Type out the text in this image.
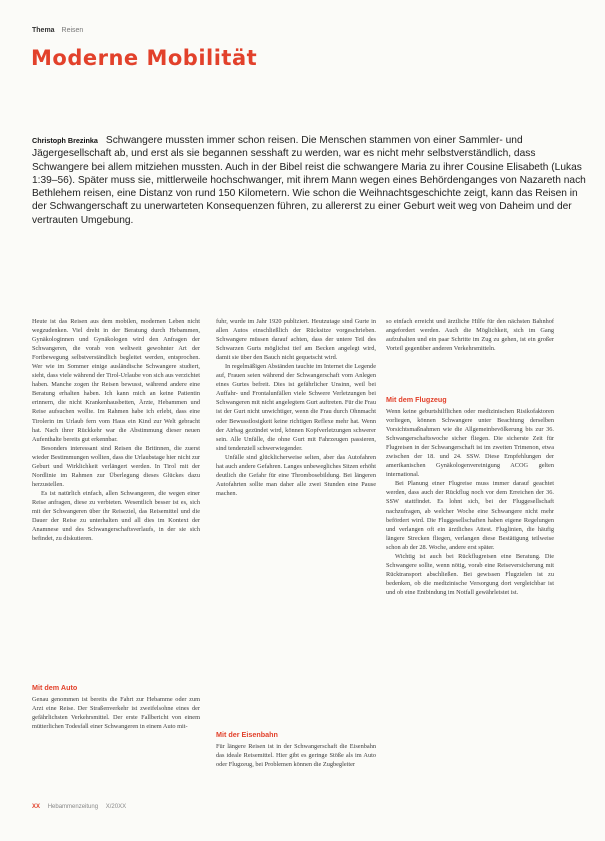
Thema Reisen
Moderne Mobilität

Christoph Brezinka Schwangere mussten immer schon reisen. Die Menschen stammen von einer Sammler- und Jägergesellschaft ab, und erst als sie begannen sesshaft zu werden, war es nicht mehr selbstverständlich, dass Schwangere bei allem mitziehen mussten. Auch in der Bibel reist die schwangere Maria zu ihrer Cousine Elisabeth (Lukas 1:39–56). Später muss sie, mittlerweile hochschwanger, mit ihrem Mann wegen eines Behördenganges von Nazareth nach Bethlehem reisen, eine Distanz von rund 150 Kilometern. Wie schon die Weihnachtsgeschichte zeigt, kann das Reisen in der Schwangerschaft zu unerwarteten Konsequenzen führen, zu allererst zu einer Geburt weit weg von Daheim und der vertrauten Umgebung.

Heute ist das Reisen aus dem mobilen, modernen Leben nicht wegzudenken. Viel dreht in der Beratung durch Hebammen, Gynäkologinnen und Gynäkologen wird den Anfragen der Schwangeren, die vorab von weltweit gewohnter Art der Fortbewegung selbstverständlich begleitet werden, entsprochen. Wer wie im Sommer einige ausländische Schwangere studiert, sieht, dass viele während der Tirol-Urlaube von sich aus verzichtet haben. Manche zogen ihr Reisen bewusst, während andere eine Beratung erhalten haben. Ich kann mich an keine Patientin erinnern, die nicht Krankenhausbetten, Ärzte, Hebammen und Reise aufsuchen wollte. Im Rahmen habe ich erlebt, dass eine Tirolerin im Urlaub fern vom Haus ein Kind zur Welt gebracht hat. Nach ihrer Rückkehr war die Abstimmung dieser neuen Aufenthalte bereits gut erkennbar.

Besonders interessant sind Reisen die Britinnen, die zuerst wieder Bestimmungen wollten, dass die Urlaubstage hier nicht zur Geburt und Wirklichkeit verlängert werden. In Tirol mit der Nordlinie im Rahmen zur Überlegung dieses Glückes dazu herzustellen.

Es ist natürlich einfach, allen Schwangeren, die wegen einer Reise anfragen, diese zu verbieten. Wesentlich besser ist es, sich mit der Schwangeren über ihr Reiseziel, das Reisemittel und die Dauer der Reise zu unterhalten und all dies im Kontext der Anamnese und des Schwangerschaftsverlaufs, in der sie sich befindet, zu diskutieren.

Mit dem Auto

Genau genommen ist bereits die Fahrt zur Hebamme oder zum Arzt eine Reise. Der Straßenverkehr ist zweifelsohne eines der gefährlichsten Verkehrsmittel. Der erste Fallbericht von einem mütterlichen Todesfall einer Schwangeren in einem Auto mit-

fuhr, wurde im Jahr 1920 publiziert. Heutzutage sind Gurte in allen Autos einschließlich der Rücksitze vorgeschrieben. Schwangere müssen darauf achten, dass der untere Teil des Schwarzen Gurts möglichst tief am Becken angelegt wird, damit sie über den Bauch nicht gequetscht wird.

In regelmäßigen Abständen tauchte im Internet die Legende auf, Frauen seien während der Schwangerschaft vom Anlegen eines Gurtes befreit. Dies ist gefährlicher Unsinn, weil bei Auffahr- und Frontalunfällen viele Schwere Verletzungen bei Schwangeren mit nicht angelegtem Gurt auftreten. Für die Frau ist der Gurt nicht unwichtiger, wenn die Frau durch Ohnmacht oder Bewusstlosigkeit keine richtigen Reflexe mehr hat. Wenn der Airbag gezündet wird, können Kopfverletzungen schwerer sein. Alle Unfälle, die ohne Gurt mit Fahrzeugen passieren, sind tendenziell schwerwiegender.

Unfälle sind glücklicherweise selten, aber das Autofahren hat auch andere Gefahren. Langes unbewegliches Sitzen erhöht deutlich die Gefahr für eine Thrombosebildung. Bei längeren Autofahrten sollte man daher alle zwei Stunden eine Pause machen.

Mit der Eisenbahn

Für längere Reisen ist in der Schwangerschaft die Eisenbahn das ideale Reisemittel. Hier gibt es geringe Stöße als im Auto oder Flugzeug, bei Problemen können die Zugbegleiter

so einfach erreicht und ärztliche Hilfe für den nächsten Bahnhof angefordert werden. Auch die Möglichkeit, sich im Gang aufzuhalten und ein paar Schritte im Zug zu gehen, ist ein großer Vorteil gegenüber anderen Verkehrsmitteln.

Mit dem Flugzeug

Wenn keine geburtshilflichen oder medizinischen Risikofaktoren vorliegen, können Schwangere unter Beachtung derselben Vorsichtsmaßnahmen wie die Allgemeinbevölkerung bis zur 36. Schwangerschaftswoche sicher fliegen. Die sicherste Zeit für Flugreisen in der Schwangerschaft ist im zweiten Trimenon, etwa zwischen der 18. und 24. SSW. Diese Empfehlungen der amerikanischen Gynäkologenvereinigung ACOG gelten international.

Bei Planung einer Flugreise muss immer darauf geachtet werden, dass auch der Rückflug noch vor dem Erreichen der 36. SSW stattfindet. Es lohnt sich, bei der Fluggesellschaft nachzufragen, ab welcher Woche eine Schwangere nicht mehr befördert wird. Die Fluggesellschaften haben eigene Regelungen und verlangen oft ein ärztliches Attest. Fluglinien, die häufig längere Strecken fliegen, verlangen diese Bestätigung teilweise schon ab der 28. Woche, andere erst später.

Wichtig ist auch bei Rückflugreisen eine Beratung. Die Schwangere sollte, wenn nötig, vorab eine Reiseversicherung mit Rücktransport abschließen. Bei gewissen Flugzielen ist zu bedenken, ob die medizinische Versorgung dort vergleichbar ist und ob eine Entbindung im Notfall gewährleistet ist.

XX Hebammenzeitung X/20XX
